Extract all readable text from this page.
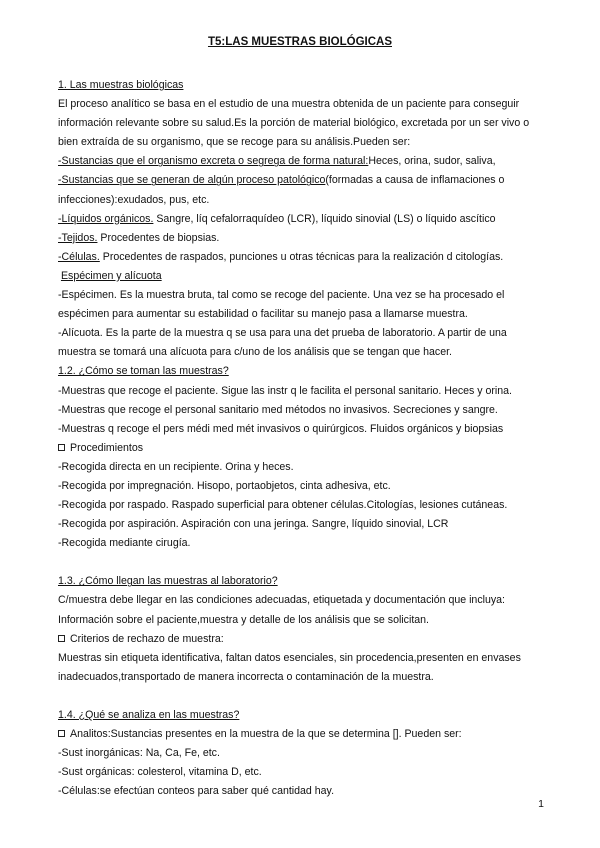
T5:LAS MUESTRAS BIOLÓGICAS

1. Las muestras biológicas

El proceso analítico se basa en el estudio de una muestra obtenida de un paciente para conseguir

información relevante sobre su salud.Es la porción de material biológico, excretada por un ser vivo o

bien extraída de su organismo, que se recoge para su análisis.Pueden ser:

-Sustancias que el organismo excreta o segrega de forma natural:Heces, orina, sudor, saliva,

-Sustancias que se generan de algún proceso patológico(formadas a causa de inflamaciones o

infecciones):exudados, pus, etc.

-Líquidos orgánicos. Sangre, líq cefalorraquídeo (LCR), líquido sinovial (LS) o líquido ascítico

-Tejidos. Procedentes de biopsias.

-Células. Procedentes de raspados, punciones u otras técnicas para la realización d citologías.

Espécimen y alícuota

-Espécimen. Es la muestra bruta, tal como se recoge del paciente. Una vez se ha procesado el

espécimen para aumentar su estabilidad o facilitar su manejo pasa a llamarse muestra.

-Alícuota. Es la parte de la muestra q se usa para una det prueba de laboratorio. A partir de una

muestra se tomará una alícuota para c/uno de los análisis que se tengan que hacer.

1.2. ¿Cómo se toman las muestras?

-Muestras que recoge el paciente. Sigue las instr q le facilita el personal sanitario. Heces y orina.

-Muestras que recoge el personal sanitario med métodos no invasivos. Secreciones y sangre.

-Muestras q recoge el pers médi med mét invasivos o quirúrgicos. Fluidos orgánicos y biopsias

Procedimientos

-Recogida directa en un recipiente. Orina y heces.

-Recogida por impregnación. Hisopo, portaobjetos, cinta adhesiva, etc.

-Recogida por raspado. Raspado superficial para obtener células.Citologías, lesiones cutáneas.

-Recogida por aspiración. Aspiración con una jeringa. Sangre, líquido sinovial, LCR

-Recogida mediante cirugía.

1.3. ¿Cómo llegan las muestras al laboratorio?

C/muestra debe llegar en las condiciones adecuadas, etiquetada y documentación que incluya:

Información sobre el paciente,muestra y detalle de los análisis que se solicitan.

Criterios de rechazo de muestra:

Muestras sin etiqueta identificativa, faltan datos esenciales, sin procedencia,presenten en envases

inadecuados,transportado de manera incorrecta o contaminación de la muestra.

1.4. ¿Qué se analiza en las muestras?

Analitos:Sustancias presentes en la muestra de la que se determina []. Pueden ser:

-Sust inorgánicas: Na, Ca, Fe, etc.

-Sust orgánicas: colesterol, vitamina D, etc.

-Células:se efectúan conteos para saber qué cantidad hay.

1
